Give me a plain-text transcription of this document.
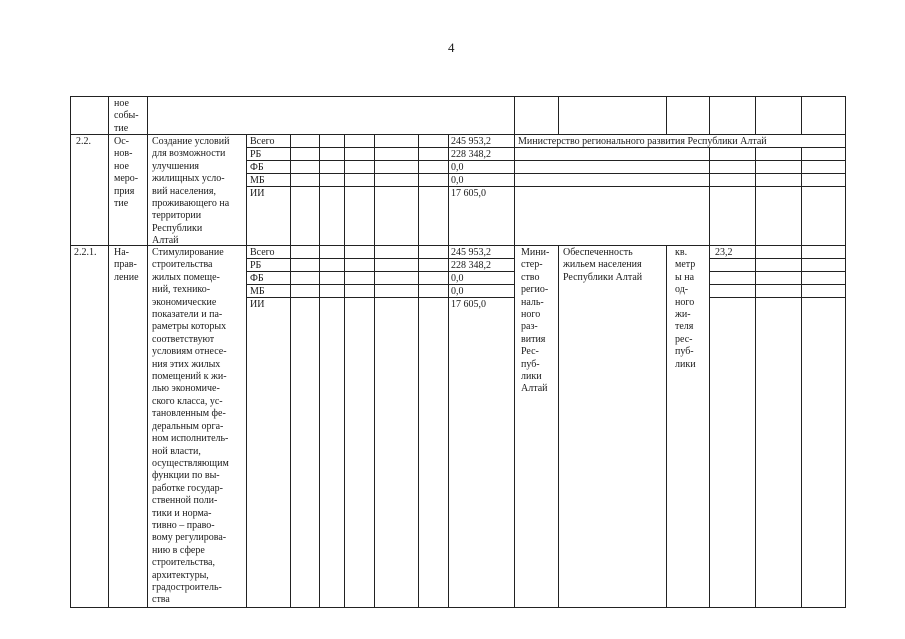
4
ное
собы-
тие
2.2. Ос-
нов-
ное
меро-
прия
тие
Создание условий
для возможности
улучшения
жилищных усло-
вий населения,
проживающего на
территории
Республики
Алтай
Всего
РБ
ФБ
МБ
ИИ
245 953,2
228 348,2
0,0
0,0
17 605,0
Министерство регионального развития Республики Алтай
2.2.1. На-
прав-
ление
Стимулирование
строительства
жилых помеще-
ний, технико-
экономические
показатели и па-
раметры которых
соответствуют
условиям отнесе-
ния этих жилых
помещений к жи-
лью экономиче-
ского класса, ус-
тановленным фе-
деральным орга-
ном исполнитель-
ной власти,
осуществляющим
функции по вы-
работке государ-
ственной поли-
тики и норма-
тивно – право-
вому регулирова-
нию в сфере
строительства,
архитектуры,
градостроитель-
ства
Всего
РБ
ФБ
МБ
ИИ
245 953,2
228 348,2
0,0
0,0
17 605,0
Мини-
стер-
ство
регио-
наль-
ного
раз-
вития
Рес-
пуб-
лики
Алтай
Обеспеченность
жильем населения
Республики Алтай
кв.
метр
ы на
од-
ного
жи-
теля
рес-
пуб-
лики
23,2
